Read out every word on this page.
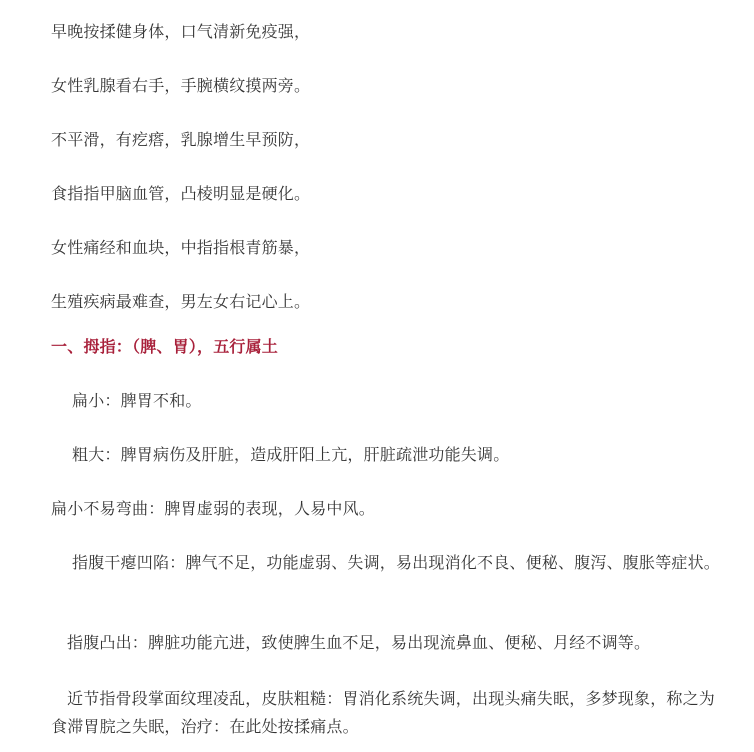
早晚按揉健身体，口气清新免疫强，

女性乳腺看右手，手腕横纹摸两旁。

不平滑，有疙瘩，乳腺增生早预防，

食指指甲脑血管，凸棱明显是硬化。

女性痛经和血块，中指指根青筋暴，

生殖疾病最难查，男左女右记心上。

一、拇指：（脾、胃），五行属土

扁小：脾胃不和。

粗大：脾胃病伤及肝脏，造成肝阳上亢，肝脏疏泄功能失调。

扁小不易弯曲：脾胃虚弱的表现，人易中风。

指腹干瘪凹陷：脾气不足，功能虚弱、失调，易出现消化不良、便秘、腹泻、腹胀等症状。

指腹凸出：脾脏功能亢进，致使脾生血不足，易出现流鼻血、便秘、月经不调等。

近节指骨段掌面纹理凌乱，皮肤粗糙：胃消化系统失调，出现头痛失眠，多梦现象，称之为食滞胃脘之失眠，治疗：在此处按揉痛点。
